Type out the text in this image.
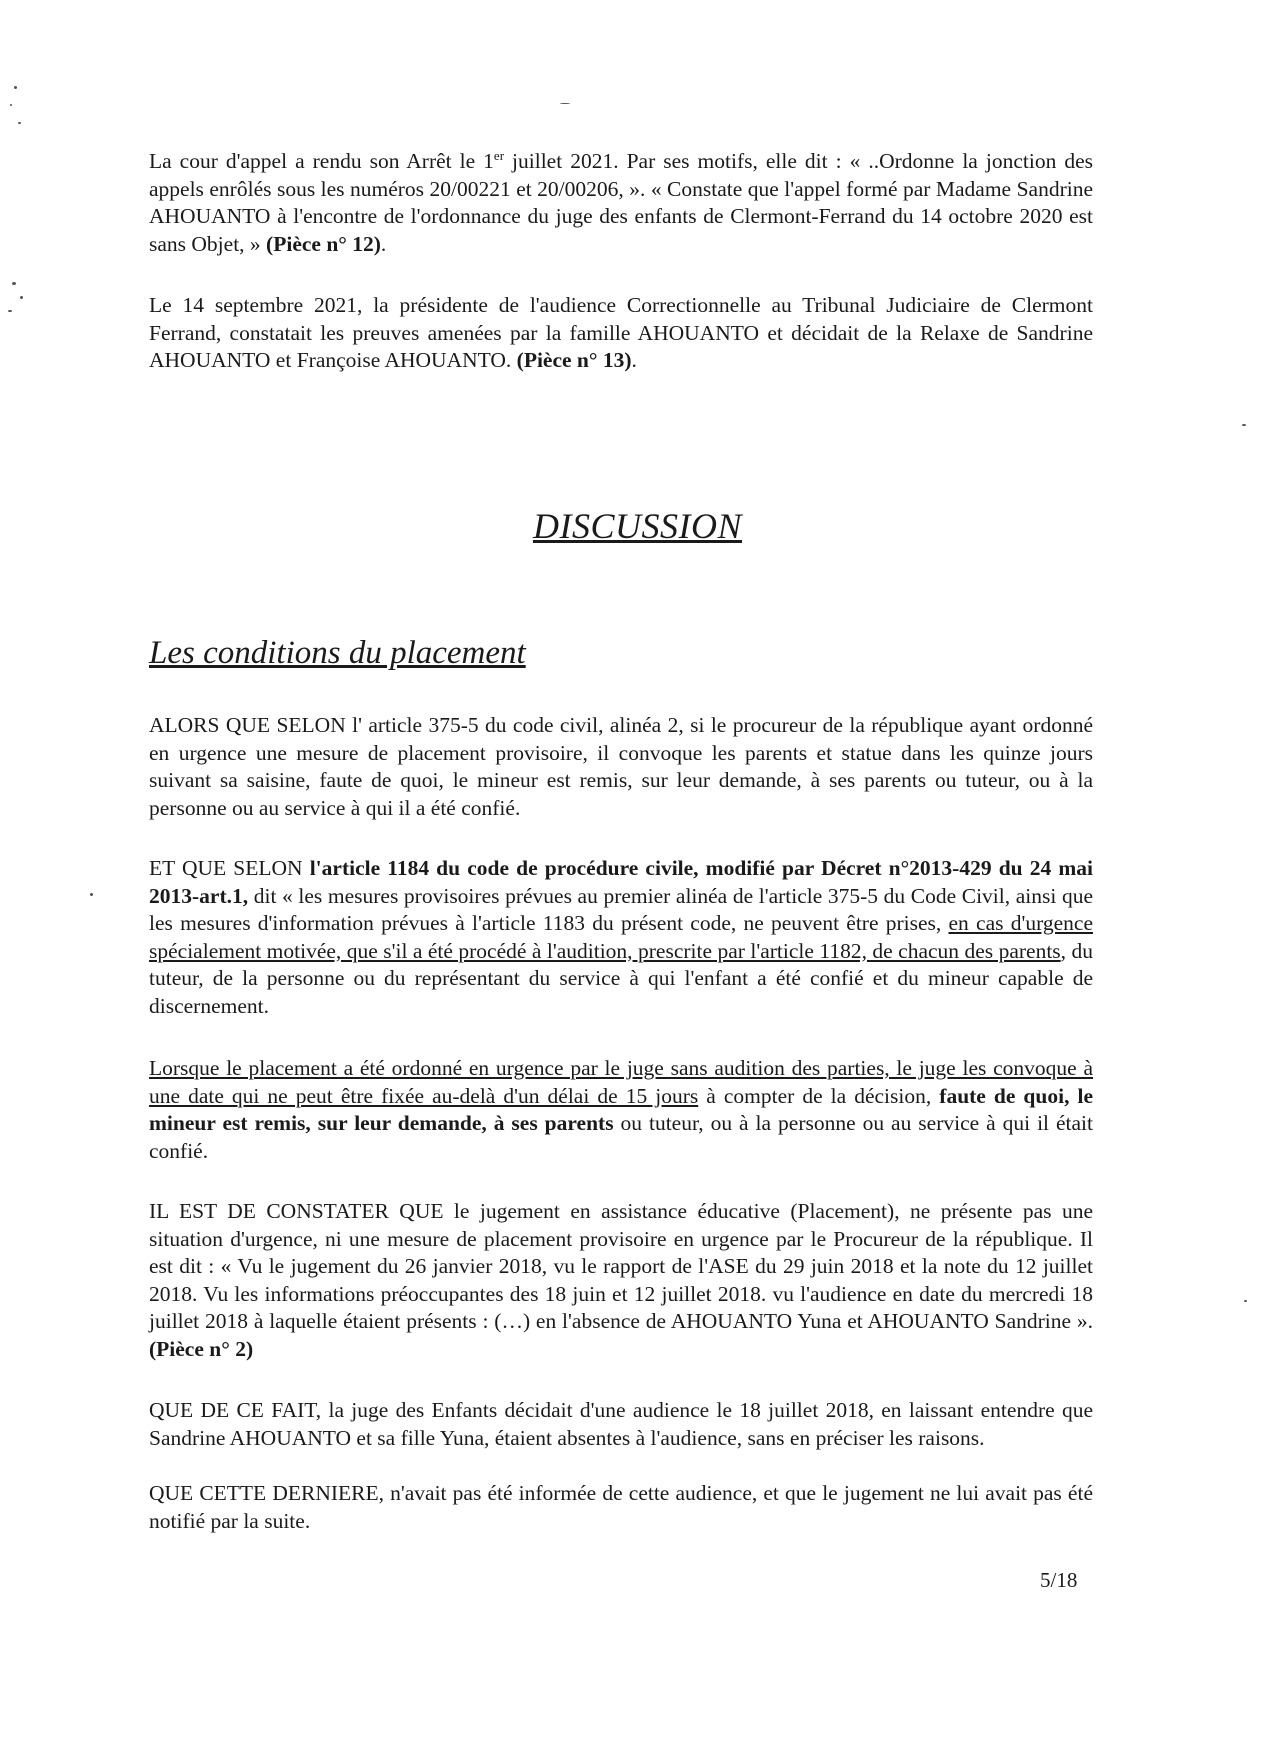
La cour d'appel a rendu son Arrêt le 1er juillet 2021. Par ses motifs, elle dit : « ..Ordonne la jonction des appels enrôlés sous les numéros 20/00221 et 20/00206, ». « Constate que l'appel formé par Madame Sandrine AHOUANTO à l'encontre de l'ordonnance du juge des enfants de Clermont-Ferrand du 14 octobre 2020 est sans Objet, » (Pièce n° 12).

Le 14 septembre 2021, la présidente de l'audience Correctionnelle au Tribunal Judiciaire de Clermont Ferrand, constatait les preuves amenées par la famille AHOUANTO et décidait de la Relaxe de Sandrine AHOUANTO et Françoise AHOUANTO. (Pièce n° 13).

DISCUSSION
Les conditions du placement

ALORS QUE SELON l' article 375-5 du code civil, alinéa 2, si le procureur de la république ayant ordonné en urgence une mesure de placement provisoire, il convoque les parents et statue dans les quinze jours suivant sa saisine, faute de quoi, le mineur est remis, sur leur demande, à ses parents ou tuteur, ou à la personne ou au service à qui il a été confié.

ET QUE SELON l'article 1184 du code de procédure civile, modifié par Décret n°2013-429 du 24 mai 2013-art.1, dit « les mesures provisoires prévues au premier alinéa de l'article 375-5 du Code Civil, ainsi que les mesures d'information prévues à l'article 1183 du présent code, ne peuvent être prises, en cas d'urgence spécialement motivée, que s'il a été procédé à l'audition, prescrite par l'article 1182, de chacun des parents, du tuteur, de la personne ou du représentant du service à qui l'enfant a été confié et du mineur capable de discernement.

Lorsque le placement a été ordonné en urgence par le juge sans audition des parties, le juge les convoque à une date qui ne peut être fixée au-delà d'un délai de 15 jours à compter de la décision, faute de quoi, le mineur est remis, sur leur demande, à ses parents ou tuteur, ou à la personne ou au service à qui il était confié.

IL EST DE CONSTATER QUE le jugement en assistance éducative (Placement), ne présente pas une situation d'urgence, ni une mesure de placement provisoire en urgence par le Procureur de la république. Il est dit : « Vu le jugement du 26 janvier 2018, vu le rapport de l'ASE du 29 juin 2018 et la note du 12 juillet 2018. Vu les informations préoccupantes des 18 juin et 12 juillet 2018. vu l'audience en date du mercredi 18 juillet 2018 à laquelle étaient présents : (…) en l'absence de AHOUANTO Yuna et AHOUANTO Sandrine ». (Pièce n° 2)

QUE DE CE FAIT, la juge des Enfants décidait d'une audience le 18 juillet 2018, en laissant entendre que Sandrine AHOUANTO et sa fille Yuna, étaient absentes à l'audience, sans en préciser les raisons.

QUE CETTE DERNIERE, n'avait pas été informée de cette audience, et que le jugement ne lui avait pas été notifié par la suite.

5/18
